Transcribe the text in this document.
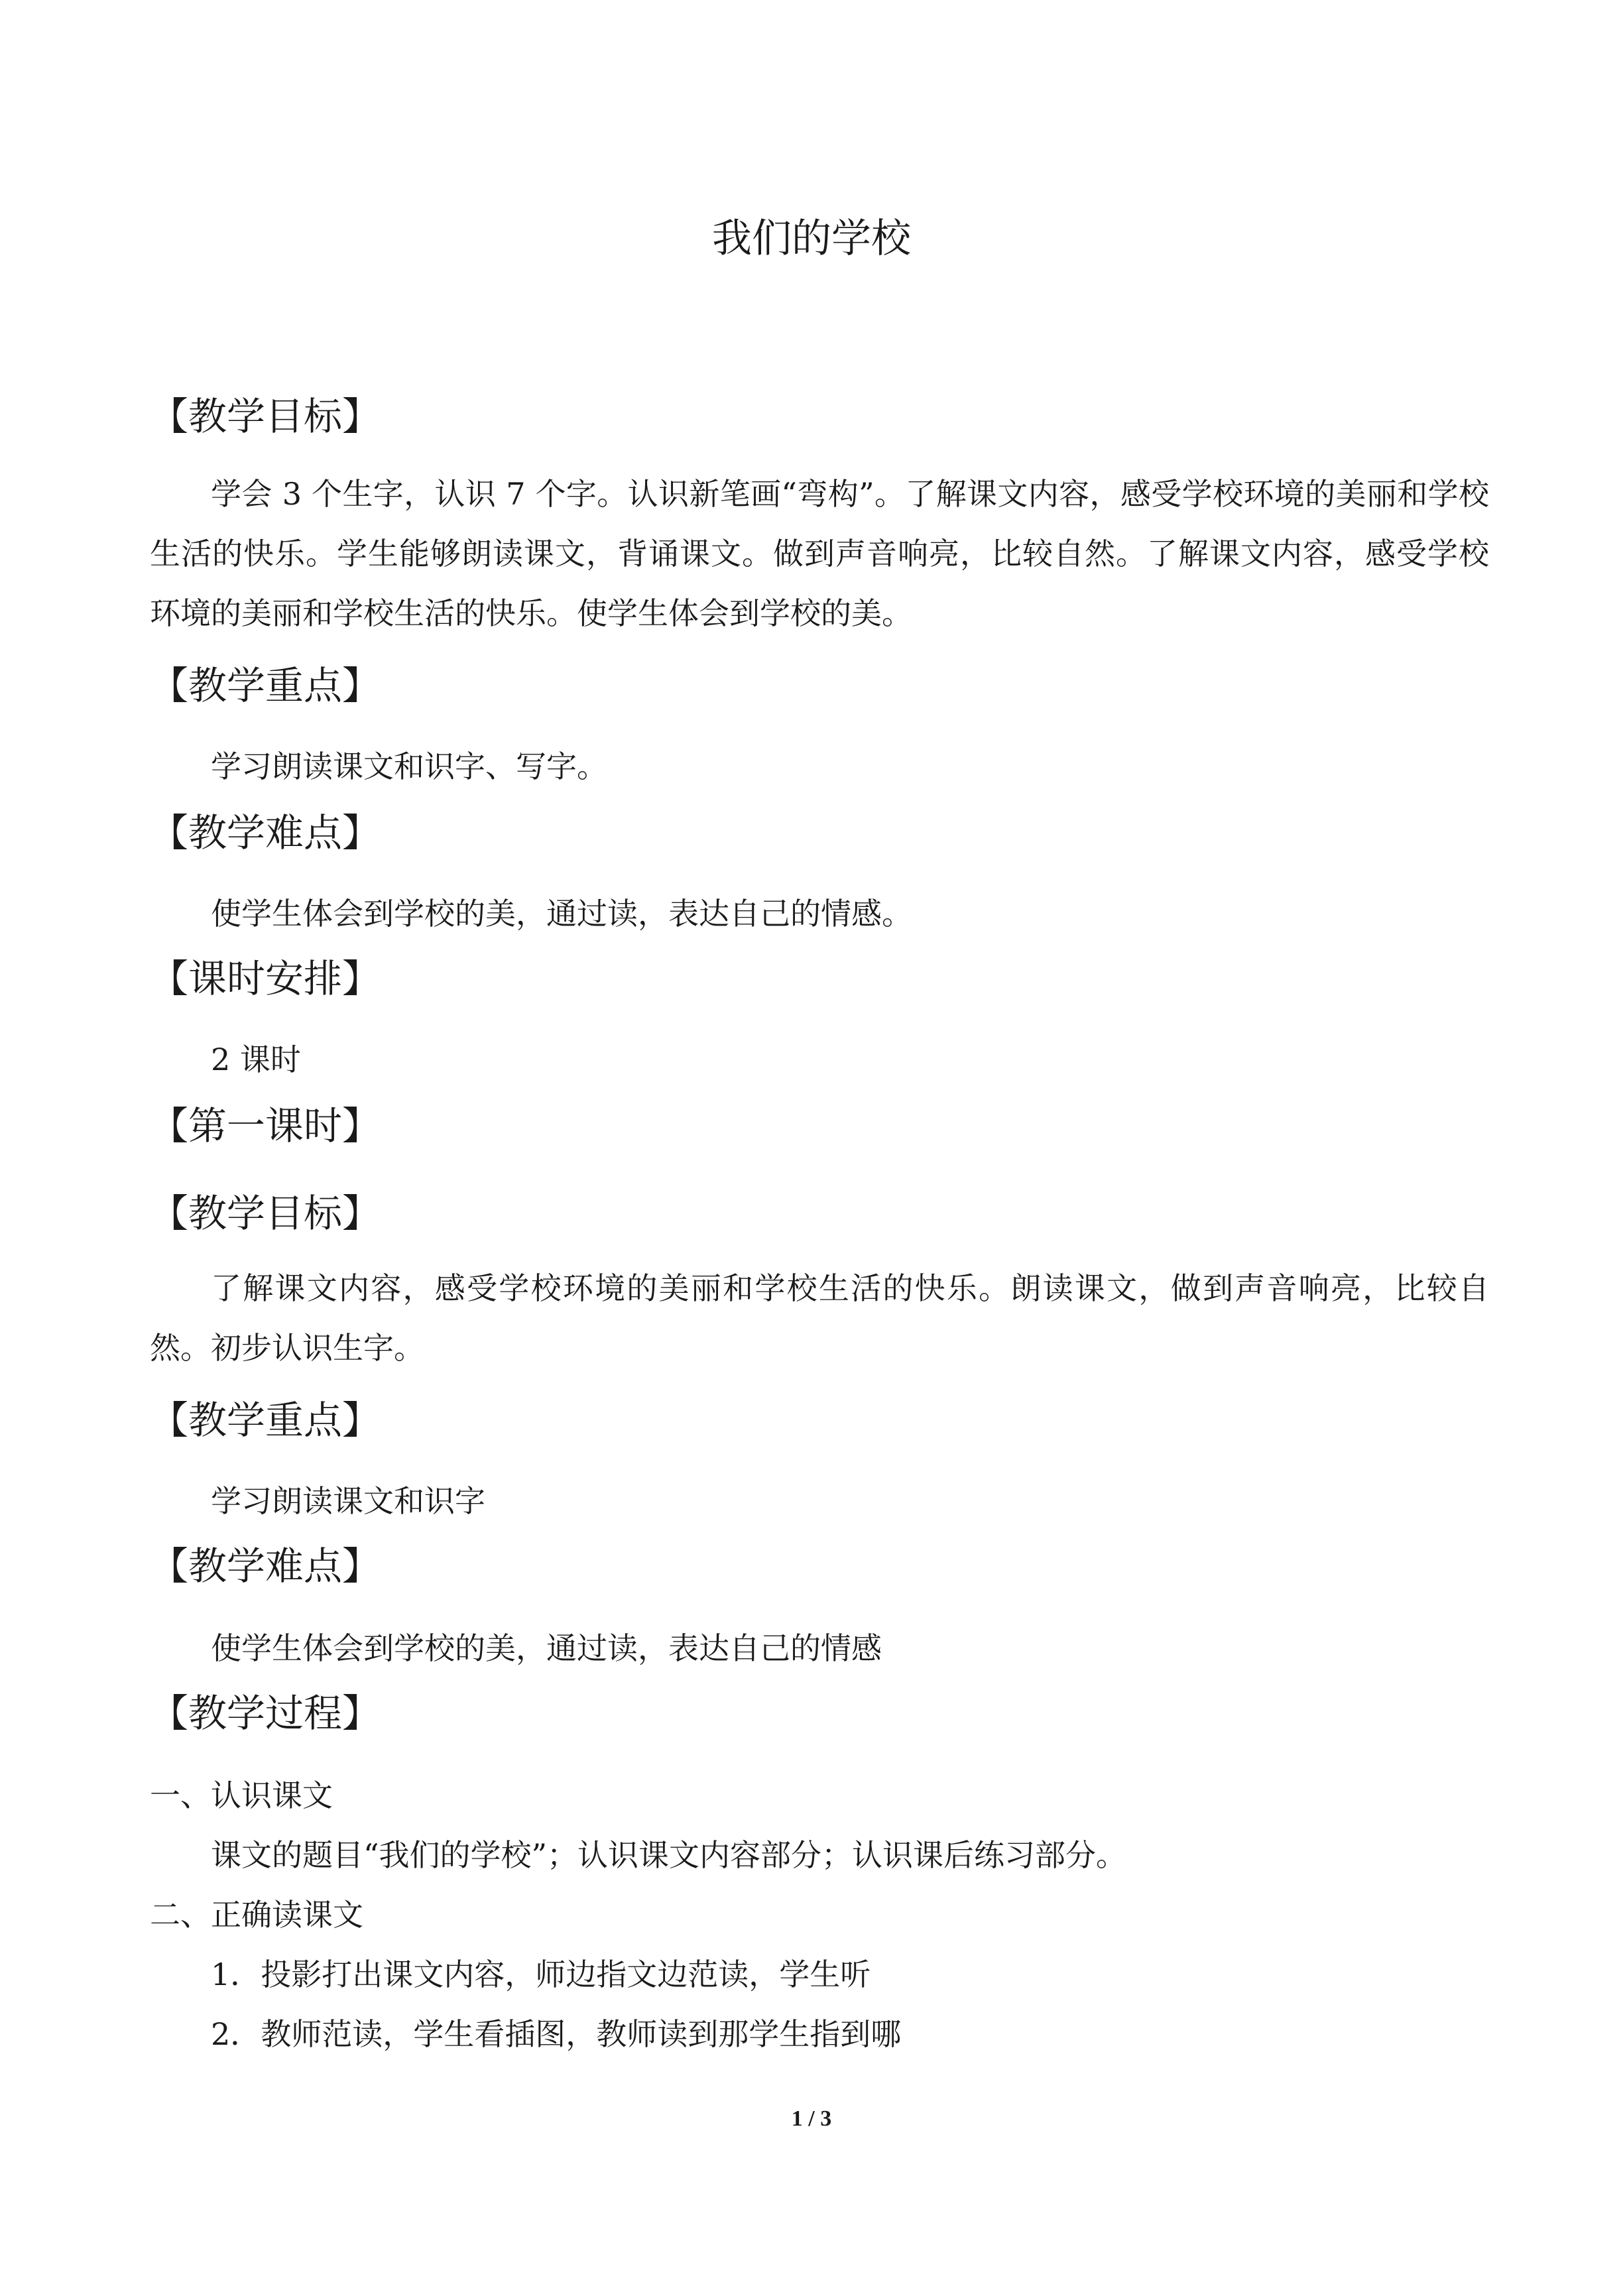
我们的学校
【教学目标】
学会 3 个生字，认识 7 个字。认识新笔画“弯构”。了解课文内容，感受学校环境的美丽和学校生活的快乐。学生能够朗读课文，背诵课文。做到声音响亮，比较自然。了解课文内容，感受学校环境的美丽和学校生活的快乐。使学生体会到学校的美。
【教学重点】
学习朗读课文和识字、写字。
【教学难点】
使学生体会到学校的美，通过读，表达自己的情感。
【课时安排】
2 课时
【第一课时】
【教学目标】
了解课文内容，感受学校环境的美丽和学校生活的快乐。朗读课文，做到声音响亮，比较自然。初步认识生字。
【教学重点】
学习朗读课文和识字
【教学难点】
使学生体会到学校的美，通过读，表达自己的情感
【教学过程】
一、认识课文
课文的题目“我们的学校”；认识课文内容部分；认识课后练习部分。
二、正确读课文
1．投影打出课文内容，师边指文边范读，学生听
2．教师范读，学生看插图，教师读到那学生指到哪
1 / 3
